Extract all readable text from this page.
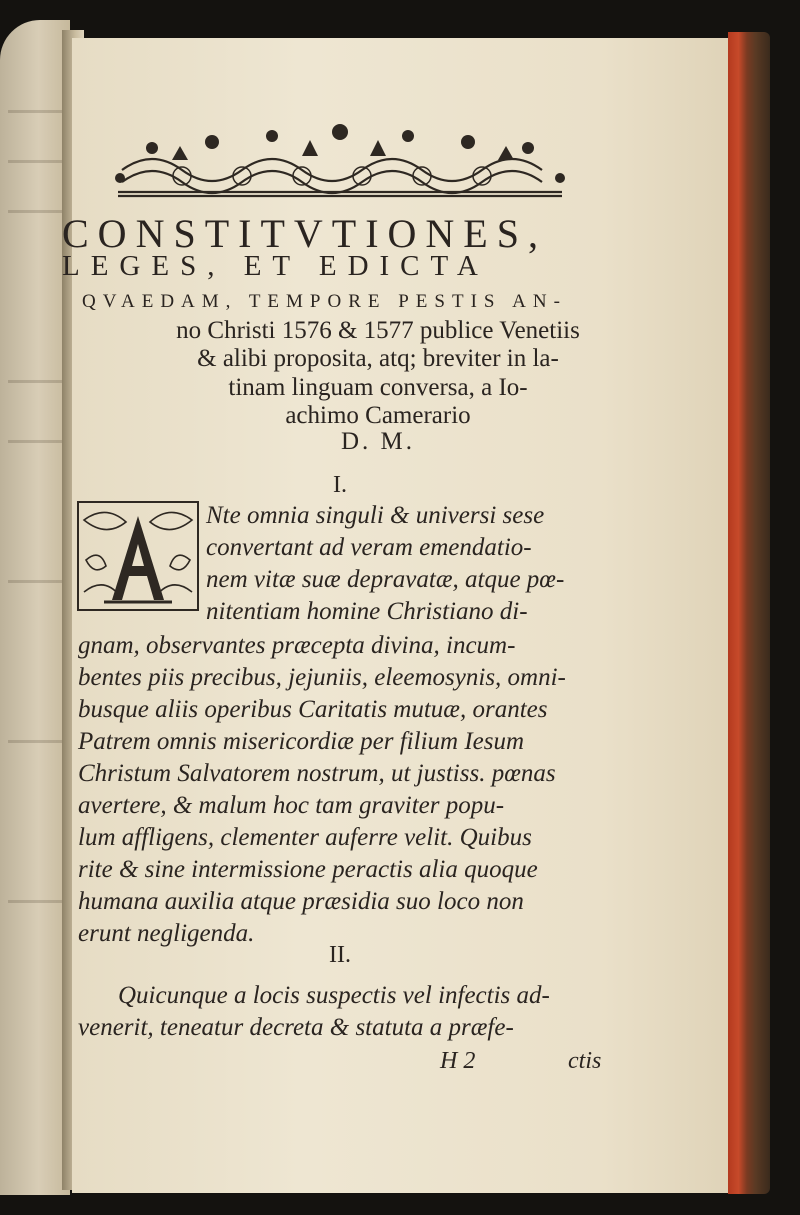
CONSTITVTIONES,
LEGES, ET EDICTA
QVAEDAM, TEMPORE PESTIS AN-
no Christi 1576 & 1577 publice Venetiis
& alibi proposita, atq; breviter in la-
tinam linguam conversa, a Io-
achimo Camerario
D. M.
I.
Nte omnia singuli & universi sese
convertant ad veram emendatio-
nem vitæ suæ depravatæ, atque pœ-
nitentiam homine Christiano di-
gnam, observantes præcepta divina, incum-
bentes piis precibus, jejuniis, eleemosynis, omni-
busque aliis operibus Caritatis mutuæ, orantes
Patrem omnis misericordiæ per filium Iesum
Christum Salvatorem nostrum, ut justiss. pœnas
avertere, & malum hoc tam graviter popu-
lum affligens, clementer auferre velit. Quibus
rite & sine intermissione peractis alia quoque
humana auxilia atque præsidia suo loco non
erunt negligenda.
II.
Quicunque a locis suspectis vel infectis ad-
venerit, teneatur decreta & statuta a præfe-
H 2	ctis
